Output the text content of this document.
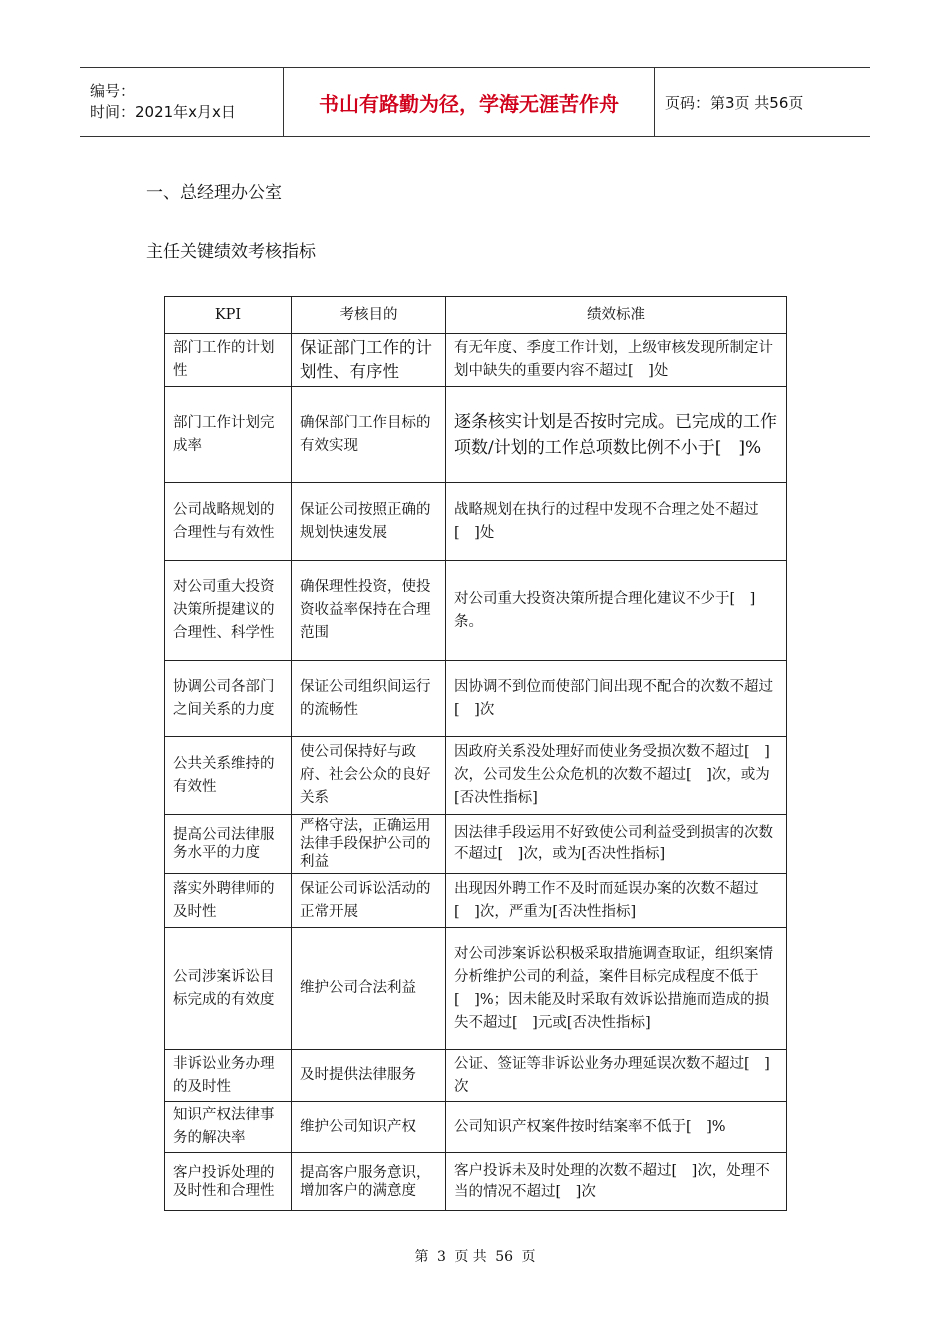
编号：
时间：2021年x月x日	书山有路勤为径，学海无涯苦作舟	页码：第3页 共56页
一、总经理办公室
主任关键绩效考核指标
KPI	考核目的	绩效标准
部门工作的计划性	保证部门工作的计划性、有序性	有无年度、季度工作计划，上级审核发现所制定计划中缺失的重要内容不超过[　]处
部门工作计划完成率	确保部门工作目标的有效实现	逐条核实计划是否按时完成。已完成的工作项数/计划的工作总项数比例不小于[　]%
公司战略规划的合理性与有效性	保证公司按照正确的规划快速发展	战略规划在执行的过程中发现不合理之处不超过[　]处
对公司重大投资决策所提建议的合理性、科学性	确保理性投资，使投资收益率保持在合理范围	对公司重大投资决策所提合理化建议不少于[　]条。
协调公司各部门之间关系的力度	保证公司组织间运行的流畅性	因协调不到位而使部门间出现不配合的次数不超过[　]次
公共关系维持的有效性	使公司保持好与政府、社会公众的良好关系	因政府关系没处理好而使业务受损次数不超过[　]次，公司发生公众危机的次数不超过[　]次，或为[否决性指标]
提高公司法律服务水平的力度	严格守法，正确运用法律手段保护公司的利益	因法律手段运用不好致使公司利益受到损害的次数不超过[　]次，或为[否决性指标]
落实外聘律师的及时性	保证公司诉讼活动的正常开展	出现因外聘工作不及时而延误办案的次数不超过[　]次，严重为[否决性指标]
公司涉案诉讼目标完成的有效度	维护公司合法利益	对公司涉案诉讼积极采取措施调查取证，组织案情分析维护公司的利益，案件目标完成程度不低于[　]%；因未能及时采取有效诉讼措施而造成的损失不超过[　]元或[否决性指标]
非诉讼业务办理的及时性	及时提供法律服务	公证、签证等非诉讼业务办理延误次数不超过[　]次
知识产权法律事务的解决率	维护公司知识产权	公司知识产权案件按时结案率不低于[　]%
客户投诉处理的及时性和合理性	提高客户服务意识，增加客户的满意度	客户投诉未及时处理的次数不超过[　]次，处理不当的情况不超过[　]次
第 3 页 共 56 页
